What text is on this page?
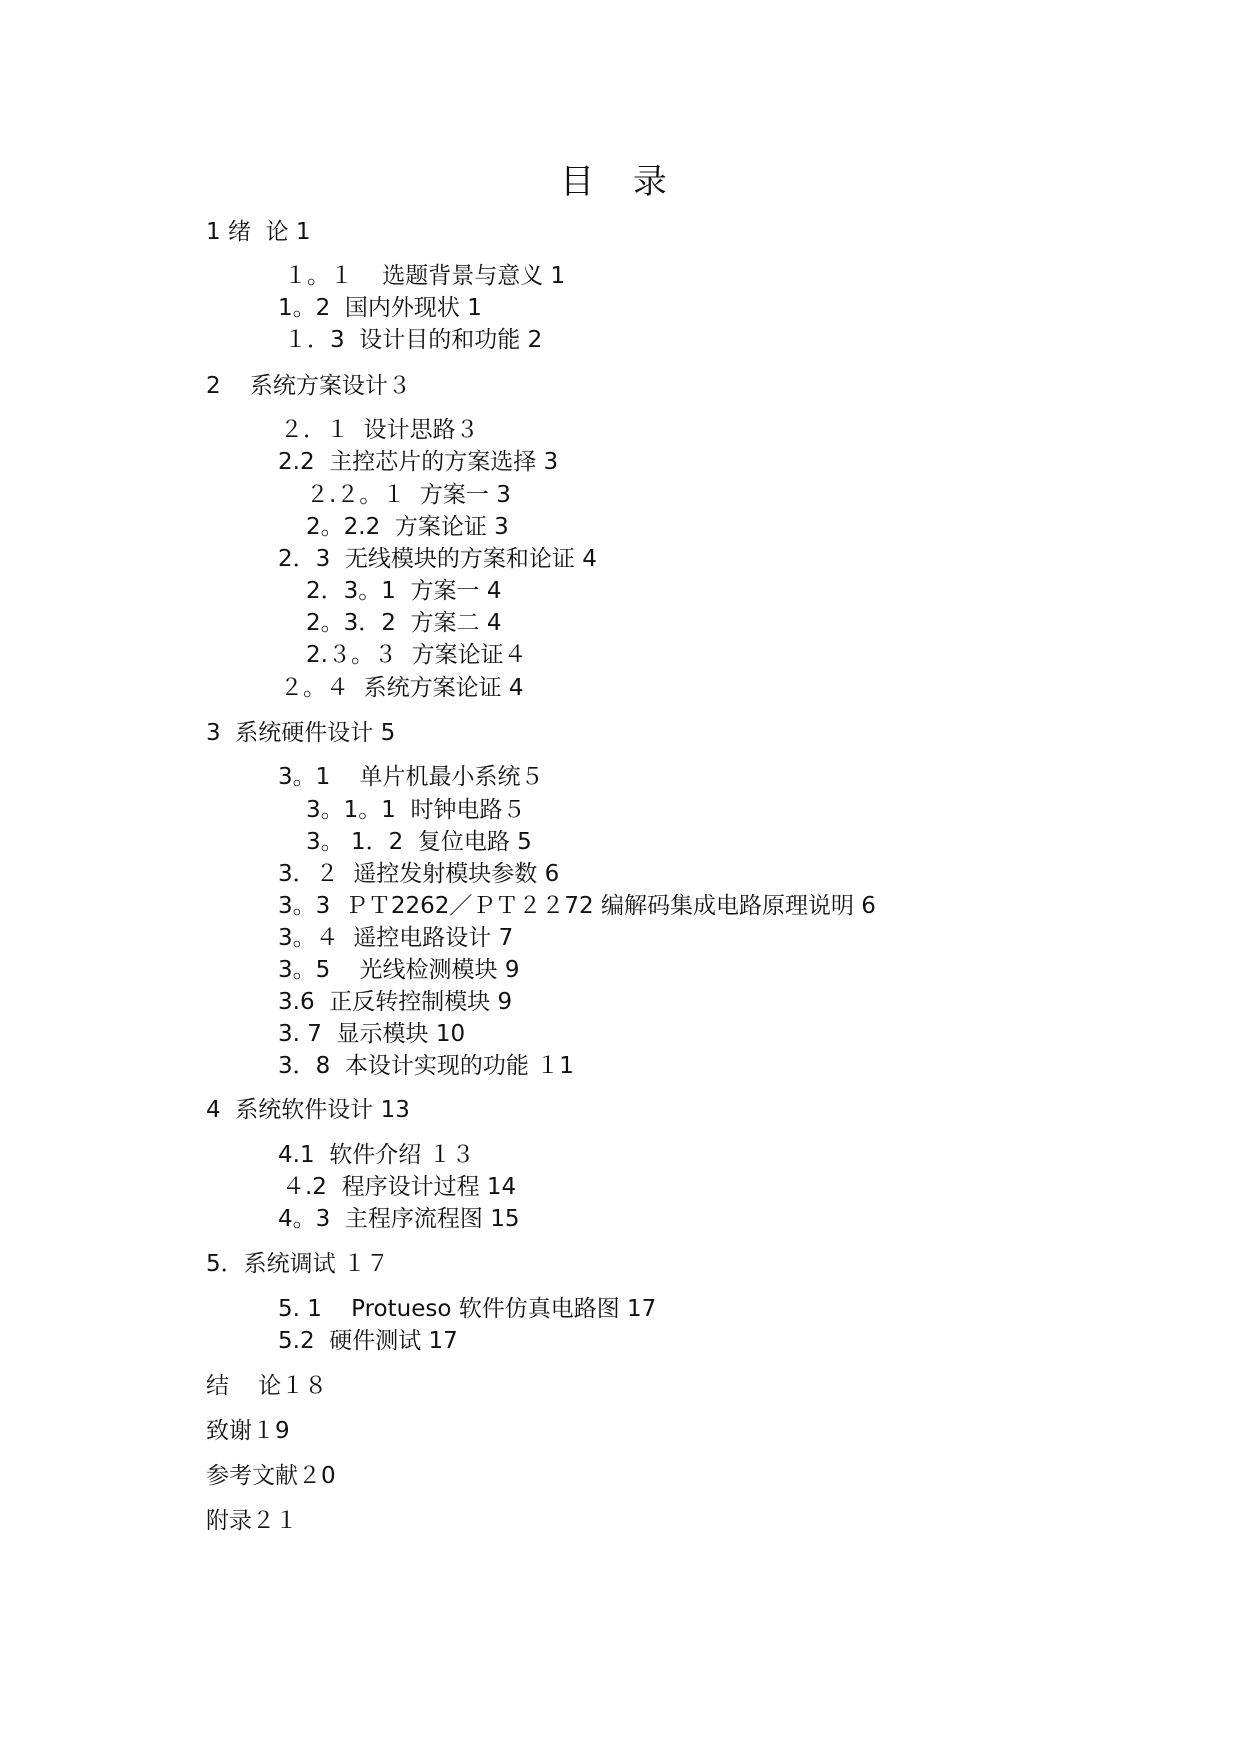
目 录
1 绪  论 1
１。１    选题背景与意义 1
1。2  国内外现状 1
１．3  设计目的和功能 2
2    系统方案设计３
２．１  设计思路３
2.2  主控芯片的方案选择 3
２.２。１  方案一 3
2。2.2  方案论证 3
2．3  无线模块的方案和论证 4
2．3。1  方案一 4
2。3．2  方案二 4
2.３。３  方案论证４
２。４  系统方案论证 4
3  系统硬件设计 5
3。1    单片机最小系统５
3。1。1  时钟电路５
3。 1．2  复位电路 5
3．２  遥控发射模块参数 6
3。3  ＰＴ2262／ＰＴ２２72 编解码集成电路原理说明 6
3。４  遥控电路设计 7
3。5    光线检测模块 9
3.6  正反转控制模块 9
3. 7  显示模块 10
3．8  本设计实现的功能 １1
4  系统软件设计 13
4.1  软件介绍 １３
４.2  程序设计过程 14
4。3  主程序流程图 15
5．系统调试 １７
5. 1    Protueso 软件仿真电路图 17
5.2  硬件测试 17
结    论１８
致谢１9
参考文献２0
附录２１
